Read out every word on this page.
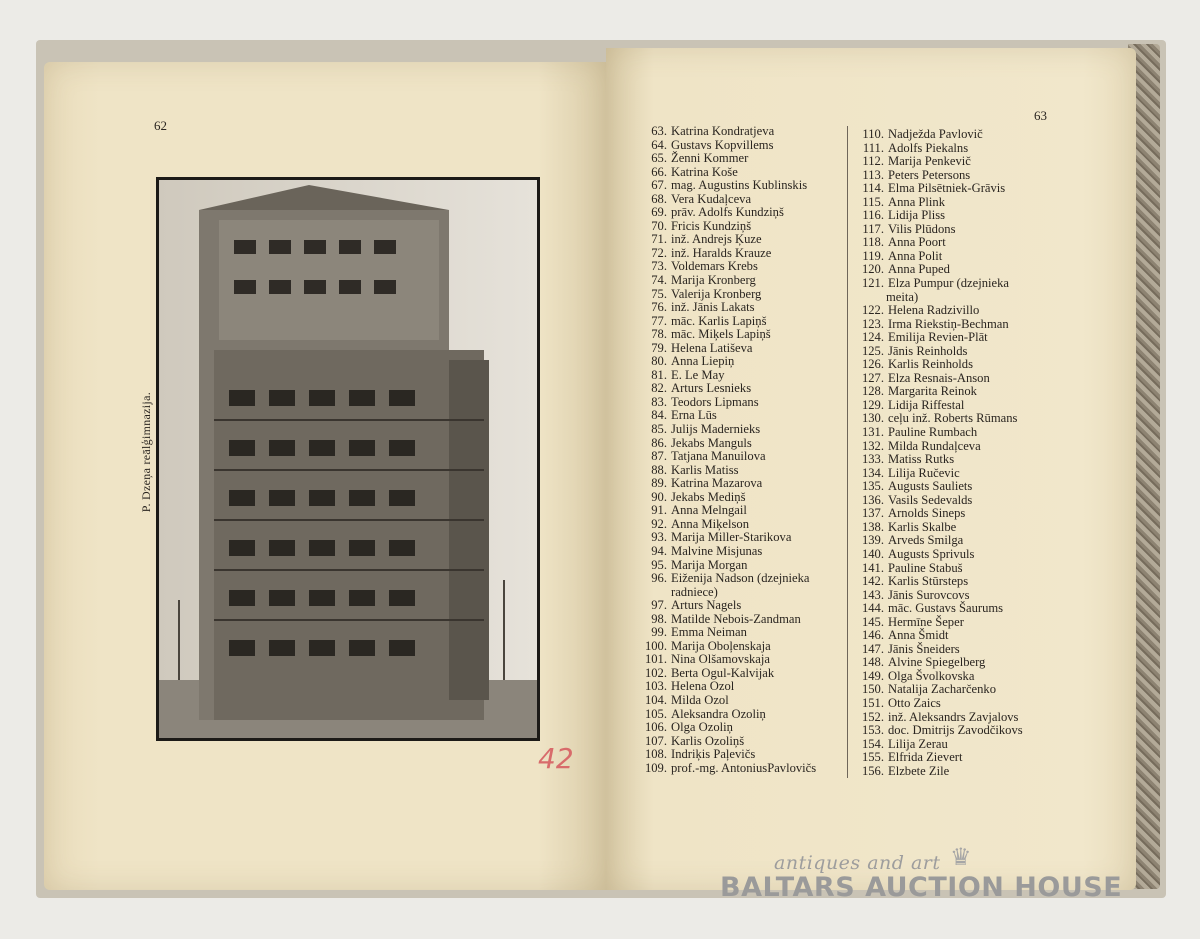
62
P. Dzeņa reālģimnazija.
42
63
63. Katrina Kondratjeva
64. Gustavs Kopvillems
65. Ženni Kommer
66. Katrina Koše
67. mag. Augustins Kublinskis
68. Vera Kudaļceva
69. prāv. Adolfs Kundziņš
70. Fricis Kundziņš
71. inž. Andrejs Ķuze
72. inž. Haralds Krauze
73. Voldemars Krebs
74. Marija Kronberg
75. Valerija Kronberg
76. inž. Jānis Lakats
77. māc. Karlis Lapiņš
78. māc. Miķels Lapiņš
79. Helena Latiševa
80. Anna Liepiņ
81. E. Le May
82. Arturs Lesnieks
83. Teodors Lipmans
84. Erna Lūs
85. Julijs Madernieks
86. Jekabs Manguls
87. Tatjana Manuilova
88. Karlis Matiss
89. Katrina Mazarova
90. Jekabs Mediņš
91. Anna Melngail
92. Anna Miķelson
93. Marija Miller-Starikova
94. Malvine Misjunas
95. Marija Morgan
96. Eiženija Nadson (dzejnieka
radniece)
97. Arturs Nagels
98. Matilde Nebois-Zandman
99. Emma Neiman
100. Marija Oboļenskaja
101. Nina Olšamovskaja
102. Berta Ogul-Kalvijak
103. Helena Ozol
104. Milda Ozol
105. Aleksandra Ozoliņ
106. Olga Ozoliņ
107. Karlis Ozoliņš
108. Indriķis Paļevičs
109. prof.-mg. AntoniusPavlovičs
110. Nadježda Pavlovič
111. Adolfs Piekalns
112. Marija Penkevič
113. Peters Petersons
114. Elma Pilsētniek-Grāvis
115. Anna Plink
116. Lidija Pliss
117. Vilis Plūdons
118. Anna Poort
119. Anna Polit
120. Anna Puped
121. Elza Pumpur (dzejnieka
meita)
122. Helena Radzivillo
123. Irma Riekstiņ-Bechman
124. Emilija Revien-Plāt
125. Jānis Reinholds
126. Karlis Reinholds
127. Elza Resnais-Anson
128. Margarita Reinok
129. Lidija Riffestal
130. ceļu inž. Roberts Rūmans
131. Pauline Rumbach
132. Milda Rundaļceva
133. Matiss Rutks
134. Lilija Ručevic
135. Augusts Sauliets
136. Vasils Sedevalds
137. Arnolds Sineps
138. Karlis Skalbe
139. Arveds Smilga
140. Augusts Sprivuls
141. Pauline Stabuš
142. Karlis Stūrsteps
143. Jānis Surovcovs
144. māc. Gustavs Šaurums
145. Hermīne Šeper
146. Anna Šmidt
147. Jānis Šneiders
148. Alvine Spiegelberg
149. Olga Švolkovska
150. Natalija Zacharčenko
151. Otto Zaics
152. inž. Aleksandrs Zavjalovs
153. doc. Dmitrijs Zavodčikovs
154. Lilija Zerau
155. Elfrida Zievert
156. Elzbete Zile
antiques and art ♛
BALTARS AUCTION HOUSE
